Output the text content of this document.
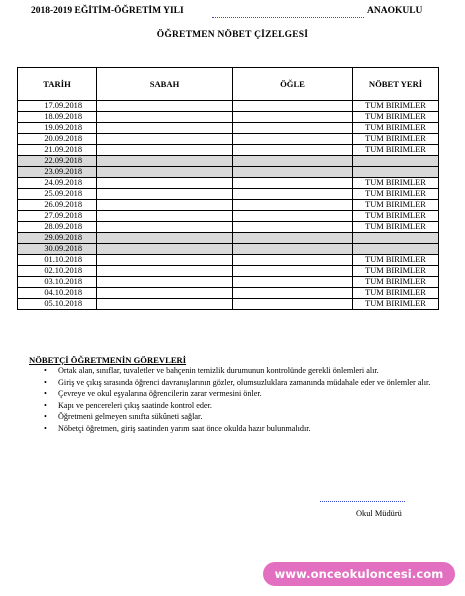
2018-2019 EĞİTİM-ÖĞRETİM YILI	ANAOKULU
ÖĞRETMEN NÖBET ÇİZELGESİ
TARİH	SABAH	ÖĞLE	NÖBET YERİ
17.09.2018			TUM BIRIMLER
18.09.2018			TUM BIRIMLER
19.09.2018			TUM BIRIMLER
20.09.2018			TUM BIRIMLER
21.09.2018			TUM BIRIMLER
22.09.2018			
23.09.2018			
24.09.2018			TUM BIRIMLER
25.09.2018			TUM BIRIMLER
26.09.2018			TUM BIRIMLER
27.09.2018			TUM BIRIMLER
28.09.2018			TUM BIRIMLER
29.09.2018			
30.09.2018			
01.10.2018			TUM BIRIMLER
02.10.2018			TUM BIRIMLER
03.10.2018			TUM BIRIMLER
04.10.2018			TUM BIRIMLER
05.10.2018			TUM BIRIMLER
NÖBETÇİ ÖĞRETMENİN GÖREVLERİ
• Ortak alan, sınıflar, tuvaletler ve bahçenin temizlik durumunun kontrolünde gerekli önlemleri alır.
• Giriş ve çıkış sırasında öğrenci davranışlarının gözler, olumsuzluklara zamanında müdahale eder ve önlemler alır.
• Çevreye ve okul eşyalarına öğrencilerin zarar vermesini önler.
• Kapı ve pencereleri çıkış saatinde kontrol eder.
• Öğretmeni gelmeyen sınıfta sükûneti sağlar.
• Nöbetçi öğretmen, giriş saatinden yarım saat önce okulda hazır bulunmalıdır.
Okul Müdürü
www.onceokuloncesi.com
